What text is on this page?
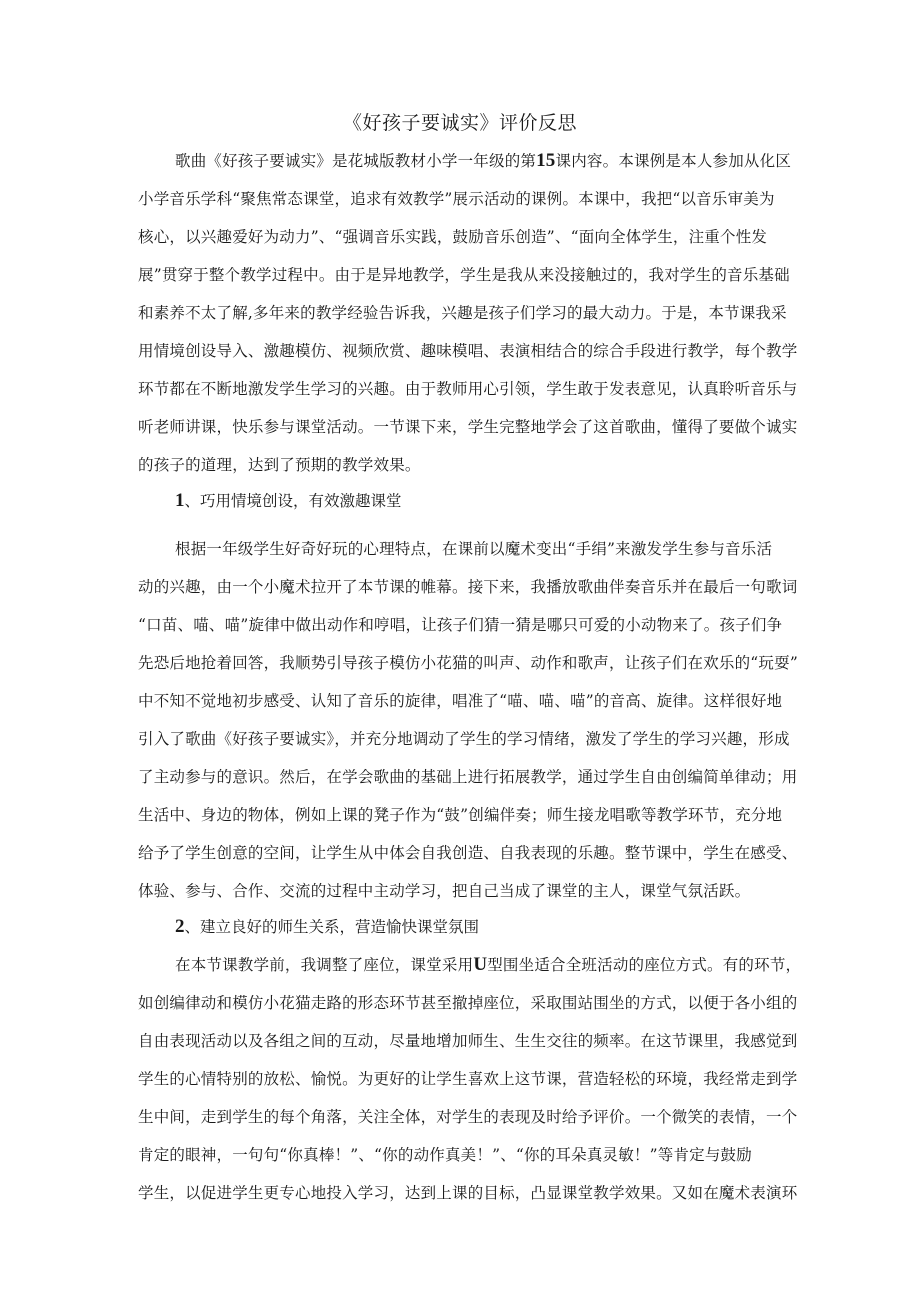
《好孩子要诚实》评价反思
歌曲《好孩子要诚实》是花城版教材小学一年级的第15课内容。本课例是本人参加从化区
小学音乐学科“聚焦常态课堂，追求有效教学”展示活动的课例。本课中，我把“以音乐审美为
核心，以兴趣爱好为动力”、“强调音乐实践，鼓励音乐创造”、“面向全体学生，注重个性发
展”贯穿于整个教学过程中。由于是异地教学，学生是我从来没接触过的，我对学生的音乐基础
和素养不太了解,多年来的教学经验告诉我，兴趣是孩子们学习的最大动力。于是，本节课我采
用情境创设导入、激趣模仿、视频欣赏、趣味模唱、表演相结合的综合手段进行教学，每个教学
环节都在不断地激发学生学习的兴趣。由于教师用心引领，学生敢于发表意见，认真聆听音乐与
听老师讲课，快乐参与课堂活动。一节课下来，学生完整地学会了这首歌曲，懂得了要做个诚实
的孩子的道理，达到了预期的教学效果。
1、巧用情境创设，有效激趣课堂
根据一年级学生好奇好玩的心理特点，在课前以魔术变出“手绢”来激发学生参与音乐活
动的兴趣，由一个小魔术拉开了本节课的帷幕。接下来，我播放歌曲伴奏音乐并在最后一句歌词
“口苗、喵、喵”旋律中做出动作和哼唱，让孩子们猜一猜是哪只可爱的小动物来了。孩子们争
先恐后地抢着回答，我顺势引导孩子模仿小花猫的叫声、动作和歌声，让孩子们在欢乐的“玩耍”
中不知不觉地初步感受、认知了音乐的旋律，唱准了“喵、喵、喵”的音高、旋律。这样很好地
引入了歌曲《好孩子要诚实》，并充分地调动了学生的学习情绪，激发了学生的学习兴趣，形成
了主动参与的意识。然后，在学会歌曲的基础上进行拓展教学，通过学生自由创编简单律动；用
生活中、身边的物体，例如上课的凳子作为“鼓”创编伴奏；师生接龙唱歌等教学环节，充分地
给予了学生创意的空间，让学生从中体会自我创造、自我表现的乐趣。整节课中，学生在感受、
体验、参与、合作、交流的过程中主动学习，把自己当成了课堂的主人，课堂气氛活跃。
2、建立良好的师生关系，营造愉快课堂氛围
在本节课教学前，我调整了座位，课堂采用U型围坐适合全班活动的座位方式。有的环节，
如创编律动和模仿小花猫走路的形态环节甚至撤掉座位，采取围站围坐的方式，以便于各小组的
自由表现活动以及各组之间的互动，尽量地增加师生、生生交往的频率。在这节课里，我感觉到
学生的心情特别的放松、愉悦。为更好的让学生喜欢上这节课，营造轻松的环境，我经常走到学
生中间，走到学生的每个角落，关注全体，对学生的表现及时给予评价。一个微笑的表情，一个
肯定的眼神，一句句“你真棒！”、“你的动作真美！”、“你的耳朵真灵敏！”等肯定与鼓励
学生，以促进学生更专心地投入学习，达到上课的目标，凸显课堂教学效果。又如在魔术表演环
